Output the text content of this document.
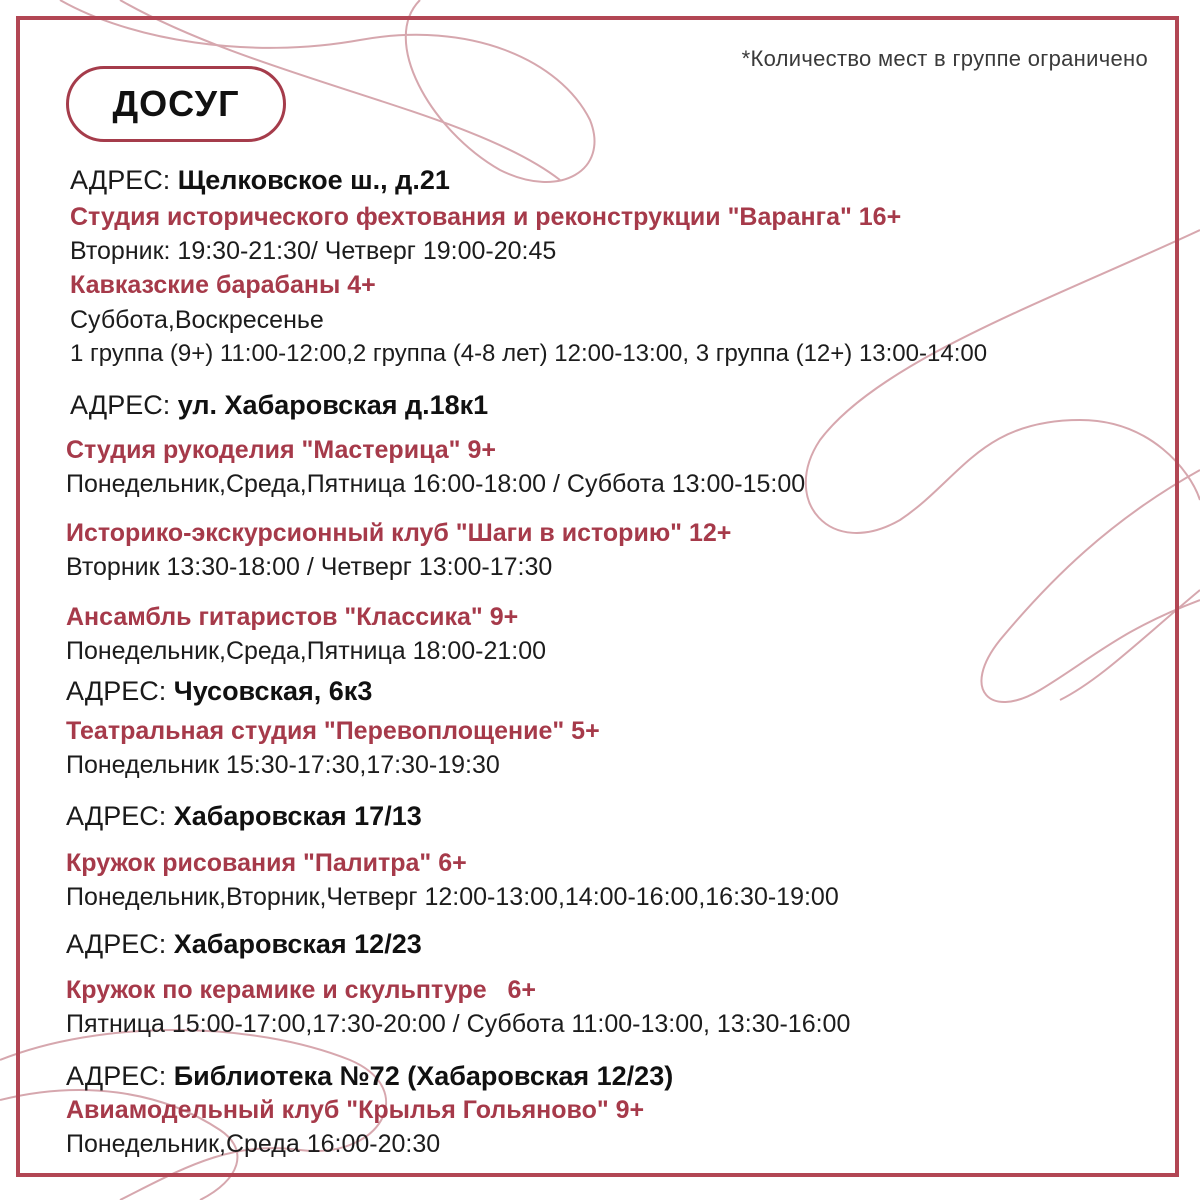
*Количество мест в группе ограничено
ДОСУГ
АДРЕС: Щелковское ш., д.21
Студия исторического фехтования и реконструкции "Варанга" 16+
Вторник: 19:30-21:30/ Четверг 19:00-20:45
Кавказские барабаны 4+
Суббота,Воскресенье
1 группа (9+) 11:00-12:00,2 группа (4-8 лет) 12:00-13:00, 3 группа (12+) 13:00-14:00
АДРЕС: ул. Хабаровская д.18к1
Студия рукоделия "Мастерица" 9+
Понедельник,Среда,Пятница 16:00-18:00 / Суббота 13:00-15:00
Историко-экскурсионный клуб "Шаги в историю" 12+
Вторник 13:30-18:00 / Четверг 13:00-17:30
Ансамбль гитаристов "Классика" 9+
Понедельник,Среда,Пятница 18:00-21:00
АДРЕС: Чусовская, 6к3
Театральная студия "Перевоплощение" 5+
Понедельник 15:30-17:30,17:30-19:30
АДРЕС: Хабаровская 17/13
Кружок рисования "Палитра" 6+
Понедельник,Вторник,Четверг 12:00-13:00,14:00-16:00,16:30-19:00
АДРЕС: Хабаровская 12/23
Кружок по керамике и скульптуре   6+
Пятница 15:00-17:00,17:30-20:00 / Суббота 11:00-13:00, 13:30-16:00
АДРЕС: Библиотека №72 (Хабаровская 12/23)
Авиамодельный клуб "Крылья Гольяново" 9+
Понедельник,Среда 16:00-20:30
